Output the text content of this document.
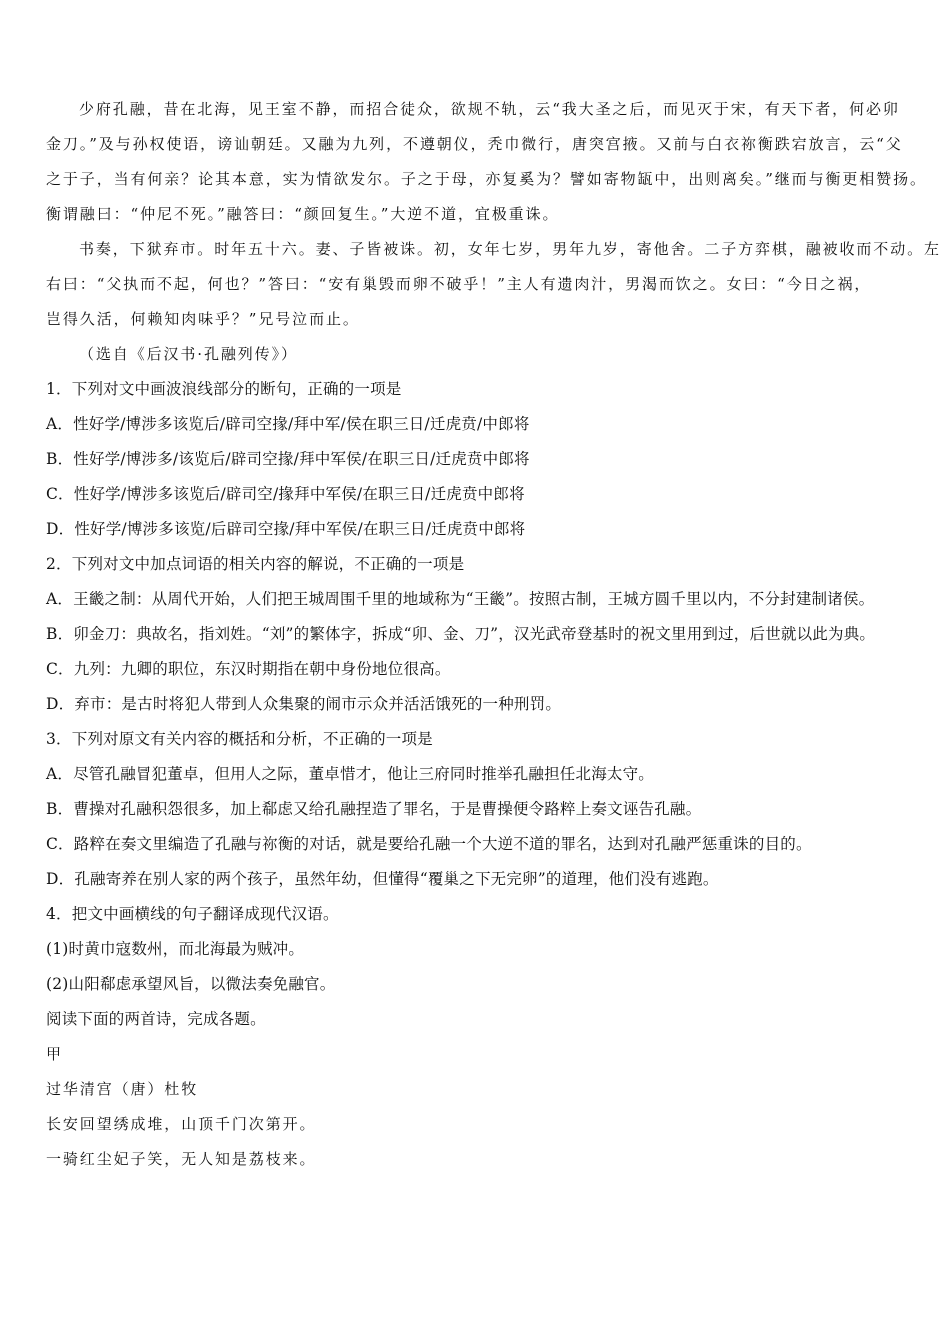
少府孔融，昔在北海，见王室不静，而招合徒众，欲规不轨，云“我大圣之后，而见灭于宋，有天下者，何必卯
金刀。”及与孙权使语，谤讪朝廷。又融为九列，不遵朝仪，秃巾微行，唐突宫掖。又前与白衣祢衡跌宕放言，云“父
之于子，当有何亲？论其本意，实为情欲发尔。子之于母，亦复奚为？譬如寄物缻中，出则离矣。”继而与衡更相赞扬。
衡谓融曰：“仲尼不死。”融答曰：“颜回复生。”大逆不道，宜极重诛。
书奏，下狱弃市。时年五十六。妻、子皆被诛。初，女年七岁，男年九岁，寄他舍。二子方弈棋，融被收而不动。左
右曰：“父执而不起，何也？”答曰：“安有巢毁而卵不破乎！”主人有遗肉汁，男渴而饮之。女曰：“今日之祸，
岂得久活，何赖知肉味乎？”兄号泣而止。
（选自《后汉书·孔融列传》）
1．下列对文中画波浪线部分的断句，正确的一项是
A．性好学/博涉多该览后/辟司空掾/拜中军/侯在职三日/迁虎贲/中郎将
B．性好学/博涉多/该览后/辟司空掾/拜中军侯/在职三日/迁虎贲中郎将
C．性好学/博涉多该览后/辟司空/掾拜中军侯/在职三日/迁虎贲中郎将
D．性好学/博涉多该览/后辟司空掾/拜中军侯/在职三日/迁虎贲中郎将
2．下列对文中加点词语的相关内容的解说，不正确的一项是
A．王畿之制：从周代开始，人们把王城周围千里的地域称为“王畿”。按照古制，王城方圆千里以内，不分封建制诸侯。
B．卯金刀：典故名，指刘姓。“刘”的繁体字，拆成“卯、金、刀”，汉光武帝登基时的祝文里用到过，后世就以此为典。
C．九列：九卿的职位，东汉时期指在朝中身份地位很高。
D．弃市：是古时将犯人带到人众集聚的闹市示众并活活饿死的一种刑罚。
3．下列对原文有关内容的概括和分析，不正确的一项是
A．尽管孔融冒犯董卓，但用人之际，董卓惜才，他让三府同时推举孔融担任北海太守。
B．曹操对孔融积怨很多，加上郗虑又给孔融捏造了罪名，于是曹操便令路粹上奏文诬告孔融。
C．路粹在奏文里编造了孔融与祢衡的对话，就是要给孔融一个大逆不道的罪名，达到对孔融严惩重诛的目的。
D．孔融寄养在别人家的两个孩子，虽然年幼，但懂得“覆巢之下无完卵”的道理，他们没有逃跑。
4．把文中画横线的句子翻译成现代汉语。
(1)时黄巾寇数州，而北海最为贼冲。
(2)山阳郗虑承望风旨，以微法奏免融官。
阅读下面的两首诗，完成各题。
甲
过华清宫（唐）杜牧
长安回望绣成堆，山顶千门次第开。
一骑红尘妃子笑，无人知是荔枝来。
